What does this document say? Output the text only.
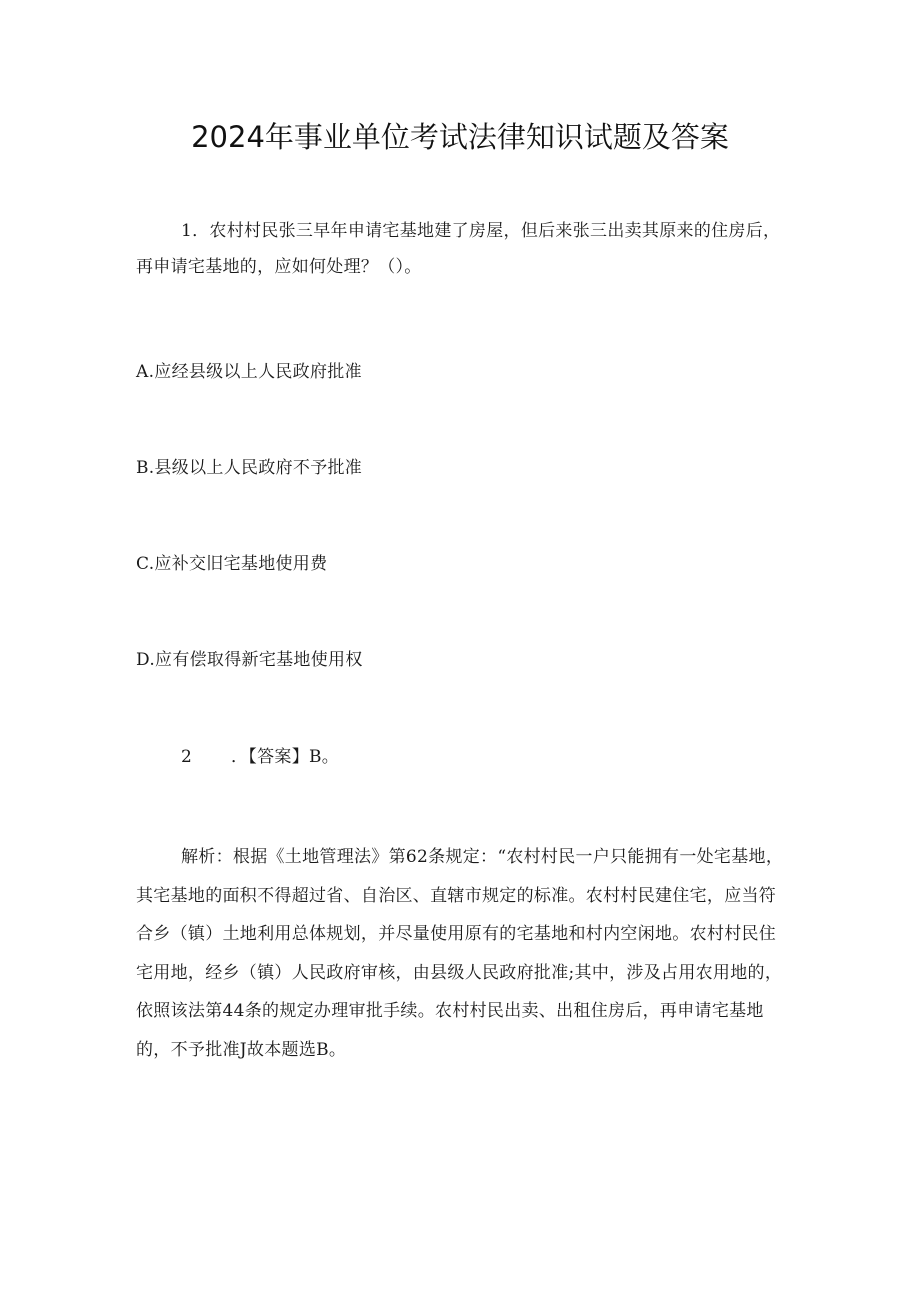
2024年事业单位考试法律知识试题及答案
1．农村村民张三早年申请宅基地建了房屋，但后来张三出卖其原来的住房后，再申请宅基地的，应如何处理？（）。
A.应经县级以上人民政府批准
B.县级以上人民政府不予批准
C.应补交旧宅基地使用费
D.应有偿取得新宅基地使用权
2 ．【答案】B。
解析：根据《土地管理法》第62条规定：“农村村民一户只能拥有一处宅基地，其宅基地的面积不得超过省、自治区、直辖市规定的标准。农村村民建住宅，应当符合乡（镇）土地利用总体规划，并尽量使用原有的宅基地和村内空闲地。农村村民住宅用地，经乡（镇）人民政府审核，由县级人民政府批准;其中，涉及占用农用地的，依照该法第44条的规定办理审批手续。农村村民出卖、出租住房后，再申请宅基地的，不予批准J故本题选B。
